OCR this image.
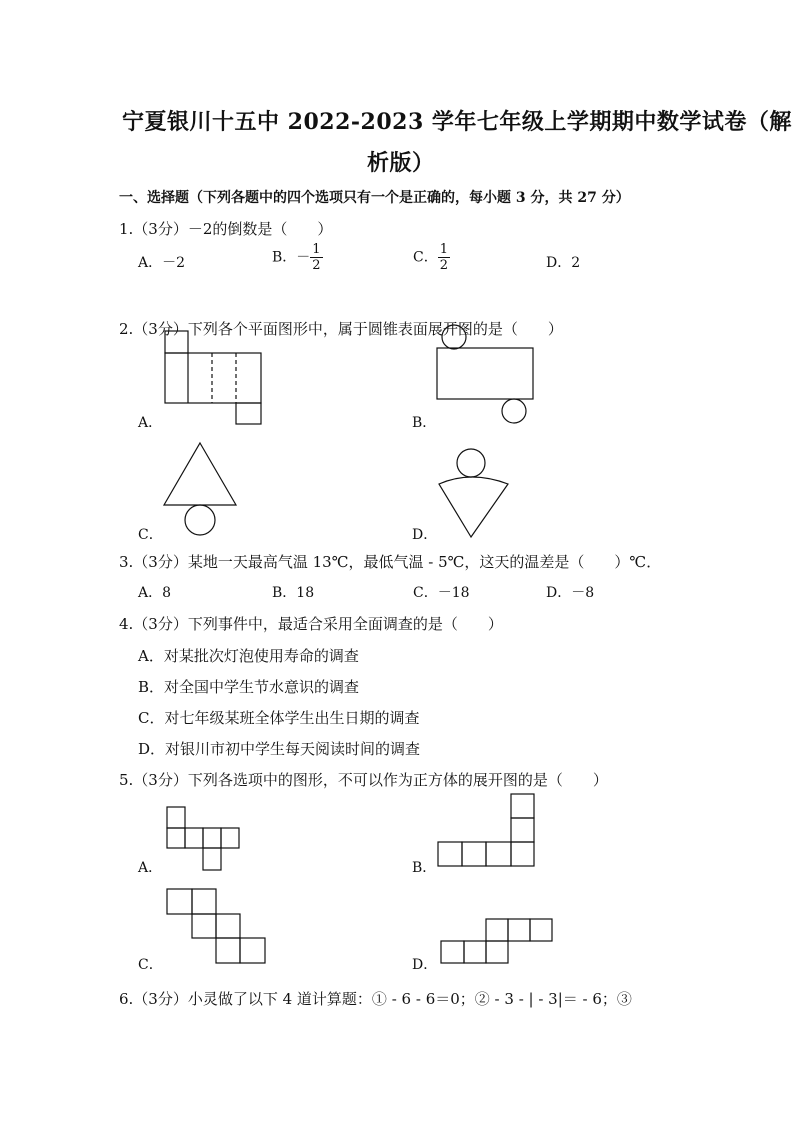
宁夏银川十五中 2022-2023 学年七年级上学期期中数学试卷（解
析版）
一、选择题（下列各题中的四个选项只有一个是正确的，每小题 3 分，共 27 分）
1.（3分）－2的倒数是（　　）
A．－2	B．－ $\frac{1}{2}$	C． $\frac{1}{2}$	D．2
2.（3分）下列各个平面图形中，属于圆锥表面展开图的是（　　）
A．	B．
C．	D．
3.（3分）某地一天最高气温 13℃，最低气温 - 5℃，这天的温差是（　　）℃．
A．8	B．18	C．－18	D．－8
4.（3分）下列事件中，最适合采用全面调查的是（　　）
A．对某批次灯泡使用寿命的调查
B．对全国中学生节水意识的调查
C．对七年级某班全体学生出生日期的调查
D．对银川市初中学生每天阅读时间的调查
5.（3分）下列各选项中的图形，不可以作为正方体的展开图的是（　　）
A．	B．
C．	D．
6.（3分）小灵做了以下 4 道计算题：① - 6 - 6＝0；② - 3 - | - 3|＝ - 6；③
